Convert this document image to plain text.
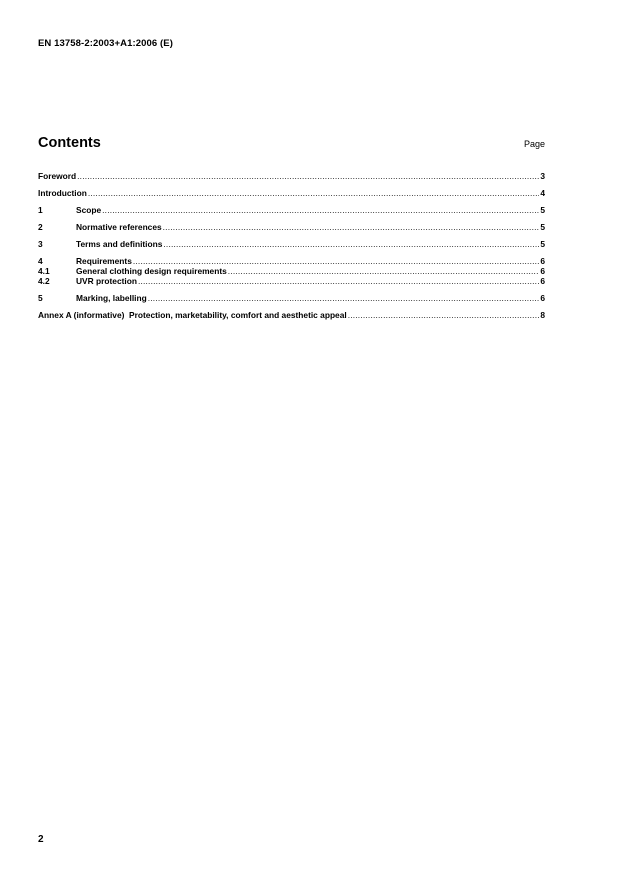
EN 13758-2:2003+A1:2006 (E)
Contents	Page
Foreword .....	3
Introduction .....	4
1	Scope .....	5
2	Normative references .....	5
3	Terms and definitions .....	5
4	Requirements .....	6
4.1	General clothing design requirements .....	6
4.2	UVR protection .....	6
5	Marking, labelling .....	6
Annex A (informative)  Protection, marketability, comfort and aesthetic appeal .....	8
2
